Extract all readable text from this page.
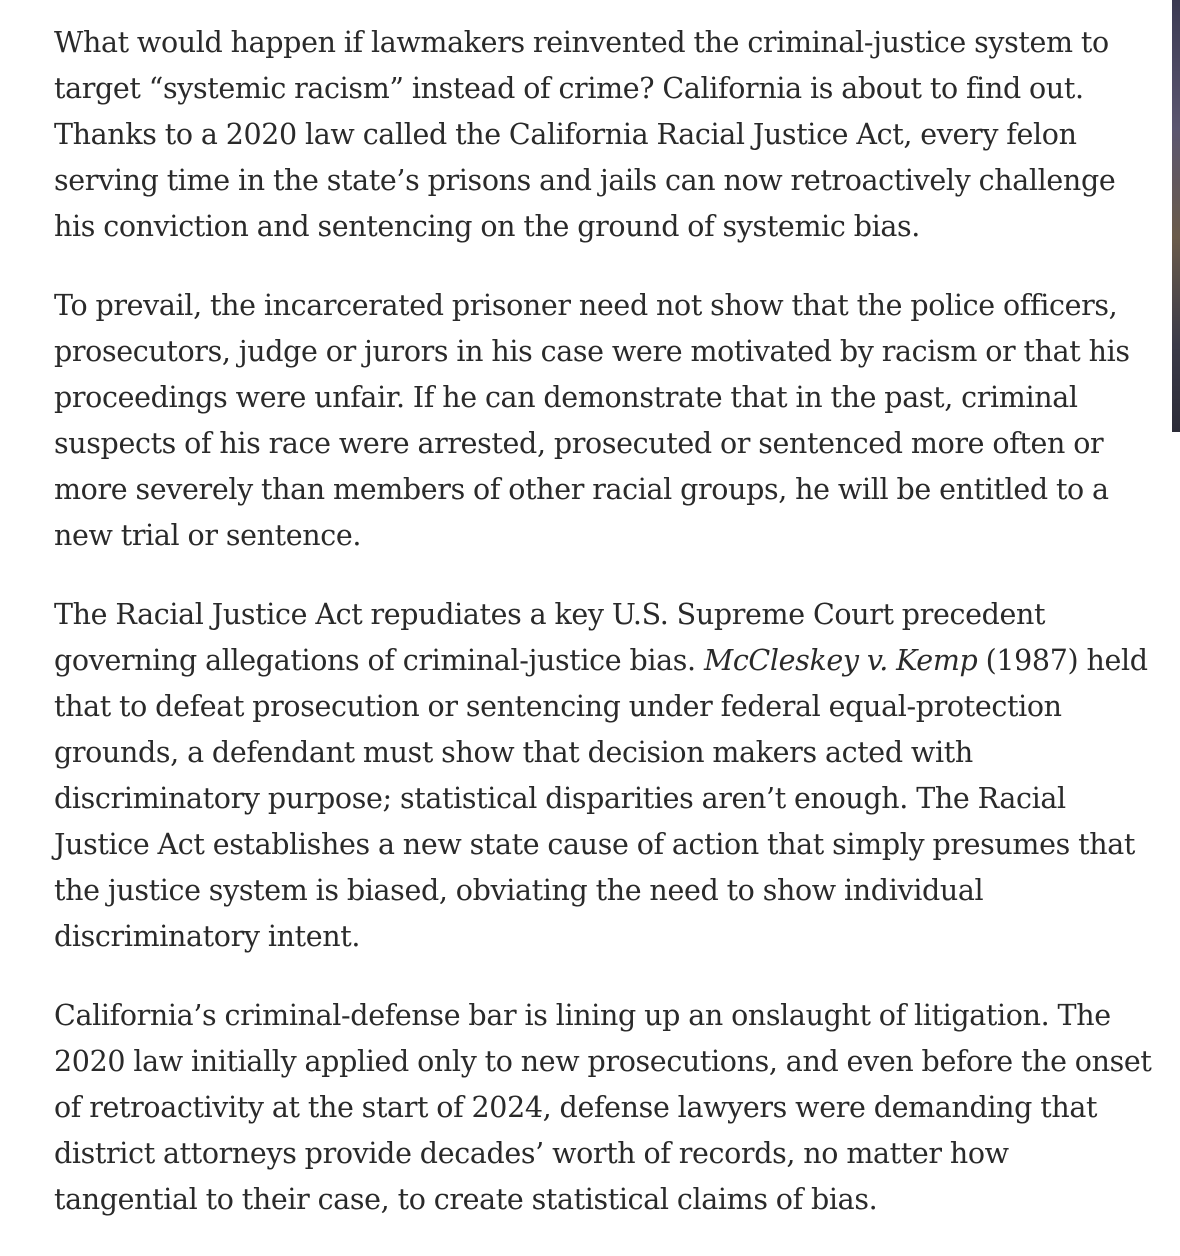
What would happen if lawmakers reinvented the criminal-justice system to target “systemic racism” instead of crime? California is about to find out. Thanks to a 2020 law called the California Racial Justice Act, every felon serving time in the state’s prisons and jails can now retroactively challenge his conviction and sentencing on the ground of systemic bias.

To prevail, the incarcerated prisoner need not show that the police officers, prosecutors, judge or jurors in his case were motivated by racism or that his proceedings were unfair. If he can demonstrate that in the past, criminal suspects of his race were arrested, prosecuted or sentenced more often or more severely than members of other racial groups, he will be entitled to a new trial or sentence.

The Racial Justice Act repudiates a key U.S. Supreme Court precedent governing allegations of criminal-justice bias. McCleskey v. Kemp (1987) held that to defeat prosecution or sentencing under federal equal-protection grounds, a defendant must show that decision makers acted with discriminatory purpose; statistical disparities aren’t enough. The Racial Justice Act establishes a new state cause of action that simply presumes that the justice system is biased, obviating the need to show individual discriminatory intent.

California’s criminal-defense bar is lining up an onslaught of litigation. The 2020 law initially applied only to new prosecutions, and even before the onset of retroactivity at the start of 2024, defense lawyers were demanding that district attorneys provide decades’ worth of records, no matter how tangential to their case, to create statistical claims of bias.
